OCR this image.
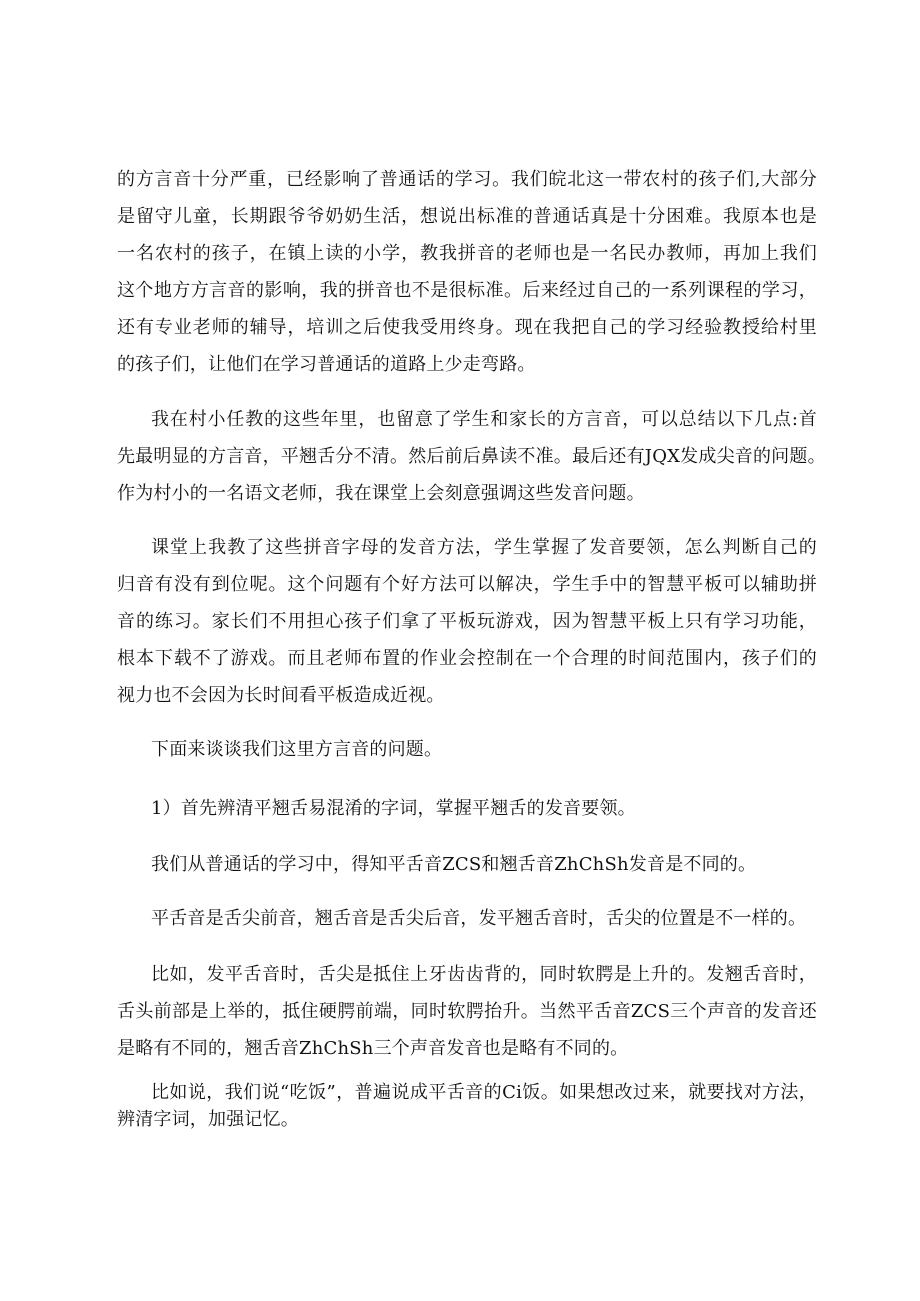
的方言音十分严重，已经影响了普通话的学习。我们皖北这一带农村的孩子们,大部分
是留守儿童，长期跟爷爷奶奶生活，想说出标准的普通话真是十分困难。我原本也是
一名农村的孩子，在镇上读的小学，教我拼音的老师也是一名民办教师，再加上我们
这个地方方言音的影响，我的拼音也不是很标准。后来经过自己的一系列课程的学习，
还有专业老师的辅导，培训之后使我受用终身。现在我把自己的学习经验教授给村里
的孩子们，让他们在学习普通话的道路上少走弯路。
我在村小任教的这些年里，也留意了学生和家长的方言音，可以总结以下几点:首
先最明显的方言音，平翘舌分不清。然后前后鼻读不准。最后还有JQX发成尖音的问题。
作为村小的一名语文老师，我在课堂上会刻意强调这些发音问题。
课堂上我教了这些拼音字母的发音方法，学生掌握了发音要领，怎么判断自己的
归音有没有到位呢。这个问题有个好方法可以解决，学生手中的智慧平板可以辅助拼
音的练习。家长们不用担心孩子们拿了平板玩游戏，因为智慧平板上只有学习功能，
根本下载不了游戏。而且老师布置的作业会控制在一个合理的时间范围内，孩子们的
视力也不会因为长时间看平板造成近视。
下面来谈谈我们这里方言音的问题。
1）首先辨清平翘舌易混淆的字词，掌握平翘舌的发音要领。
我们从普通话的学习中，得知平舌音ZCS和翘舌音ZhChSh发音是不同的。
平舌音是舌尖前音，翘舌音是舌尖后音，发平翘舌音时，舌尖的位置是不一样的。
比如，发平舌音时，舌尖是抵住上牙齿齿背的，同时软腭是上升的。发翘舌音时，
舌头前部是上举的，抵住硬腭前端，同时软腭抬升。当然平舌音ZCS三个声音的发音还
是略有不同的，翘舌音ZhChSh三个声音发音也是略有不同的。
比如说，我们说“吃饭”，普遍说成平舌音的Ci饭。如果想改过来，就要找对方法，
辨清字词，加强记忆。
